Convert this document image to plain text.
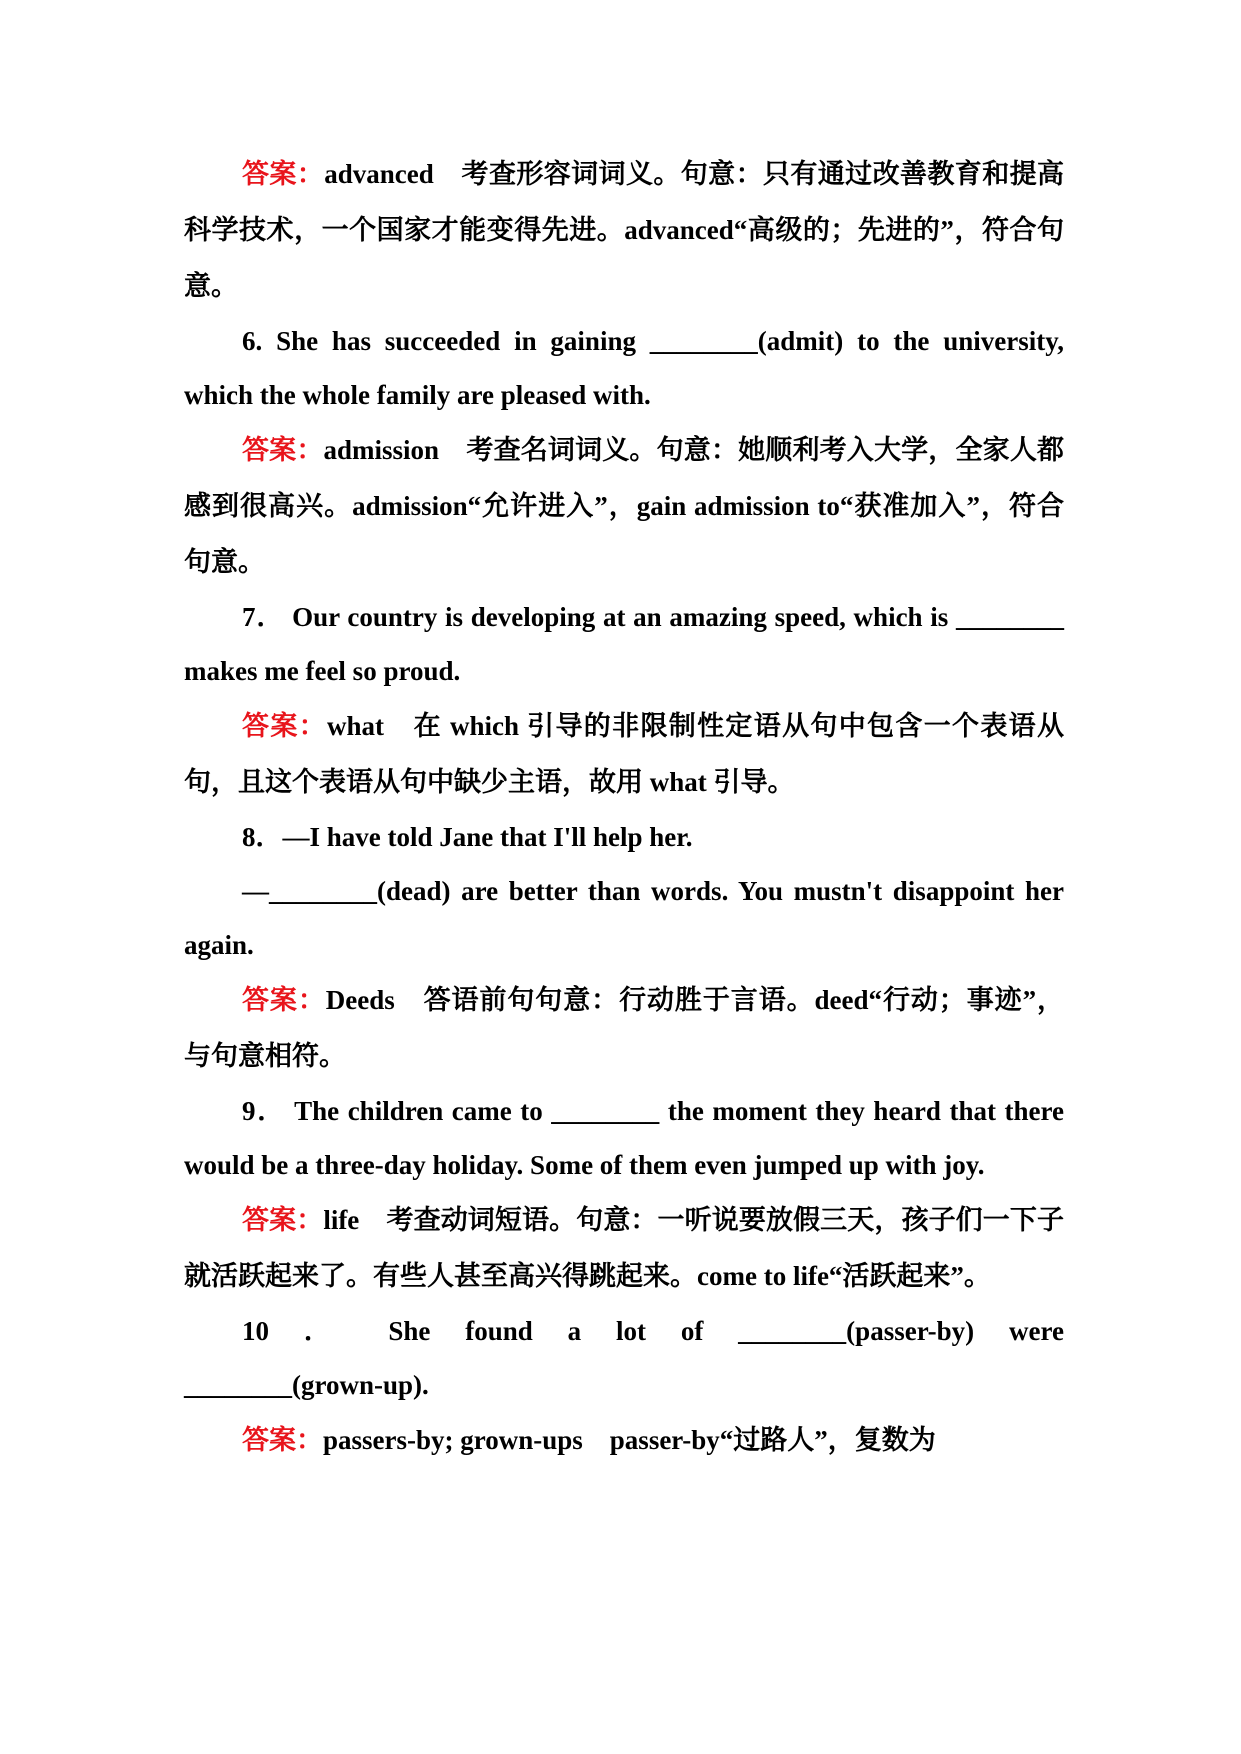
答案：advanced　考查形容词词义。句意：只有通过改善教育和提高科学技术，一个国家才能变得先进。advanced“高级的；先进的”，符合句意。

6. She has succeeded in gaining ________(admit) to the university, which the whole family are pleased with.

答案：admission　考查名词词义。句意：她顺利考入大学，全家人都感到很高兴。admission“允许进入”，gain admission to“获准加入”，符合句意。

7． Our country is developing at an amazing speed, which is ________ makes me feel so proud.

答案：what　在 which 引导的非限制性定语从句中包含一个表语从句，且这个表语从句中缺少主语，故用 what 引导。

8．—I have told Jane that I'll help her.

—________(dead) are better than words. You mustn't disappoint her again.

答案：Deeds　答语前句句意：行动胜于言语。deed“行动；事迹”，与句意相符。

9． The children came to ________ the moment they heard that there would be a three-day holiday. Some of them even jumped up with joy.

答案：life　考查动词短语。句意：一听说要放假三天，孩子们一下子就活跃起来了。有些人甚至高兴得跳起来。come to life“活跃起来”。

10 ． She found a lot of ________(passer-by) were ________(grown-up).

答案：passers-by; grown-ups　passer-by“过路人”，复数为
